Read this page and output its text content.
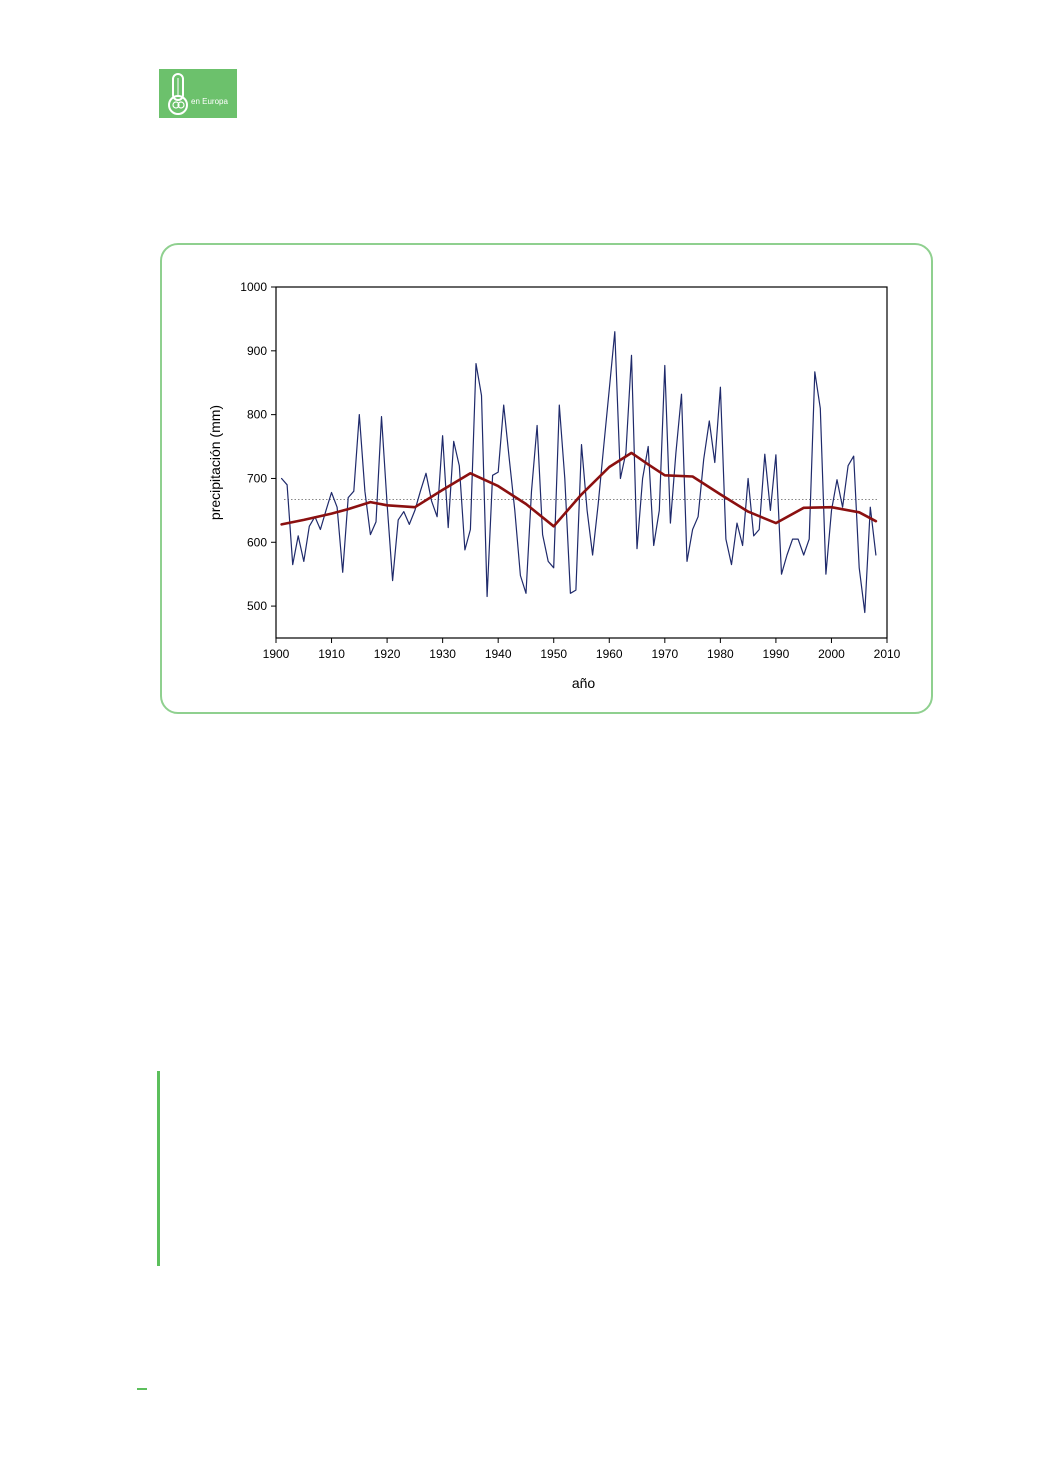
en Europa
500
600
700
800
900
1000
1900 1910 1920 1930 1940 1950 1960 1970 1980 1990 2000 2010
precipitación (mm)
año
